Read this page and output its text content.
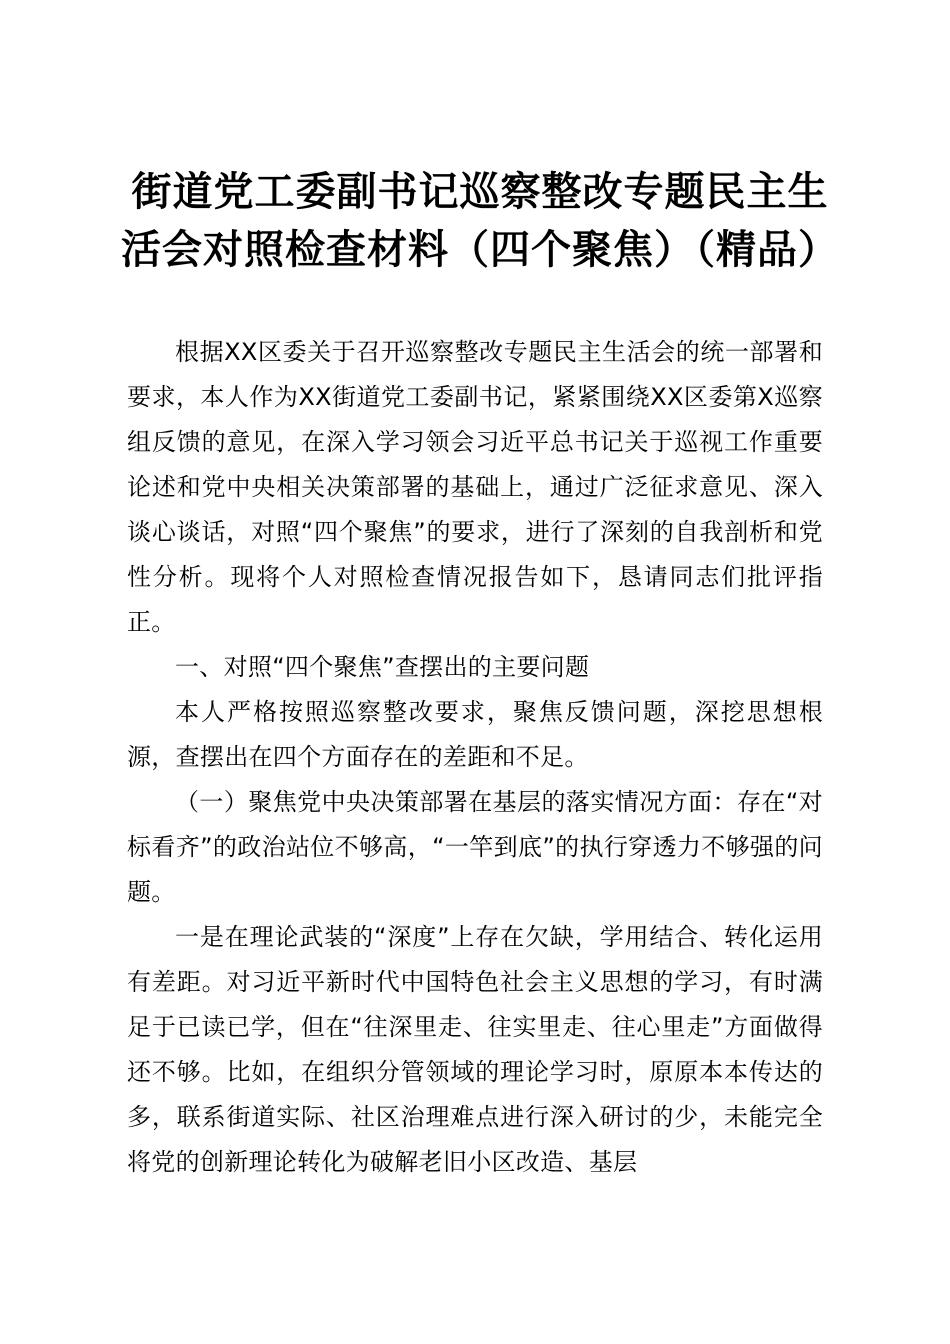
街道党工委副书记巡察整改专题民主生活会对照检查材料（四个聚焦）（精品）

根据XX区委关于召开巡察整改专题民主生活会的统一部署和要求，本人作为XX街道党工委副书记，紧紧围绕XX区委第X巡察组反馈的意见，在深入学习领会习近平总书记关于巡视工作重要论述和党中央相关决策部署的基础上，通过广泛征求意见、深入谈心谈话，对照“四个聚焦”的要求，进行了深刻的自我剖析和党性分析。现将个人对照检查情况报告如下，恳请同志们批评指正。

一、对照“四个聚焦”查摆出的主要问题

本人严格按照巡察整改要求，聚焦反馈问题，深挖思想根源，查摆出在四个方面存在的差距和不足。

（一）聚焦党中央决策部署在基层的落实情况方面：存在“对标看齐”的政治站位不够高，“一竿到底”的执行穿透力不够强的问题。

一是在理论武装的“深度”上存在欠缺，学用结合、转化运用有差距。对习近平新时代中国特色社会主义思想的学习，有时满足于已读已学，但在“往深里走、往实里走、往心里走”方面做得还不够。比如，在组织分管领域的理论学习时，原原本本传达的多，联系街道实际、社区治理难点进行深入研讨的少，未能完全将党的创新理论转化为破解老旧小区改造、基层
